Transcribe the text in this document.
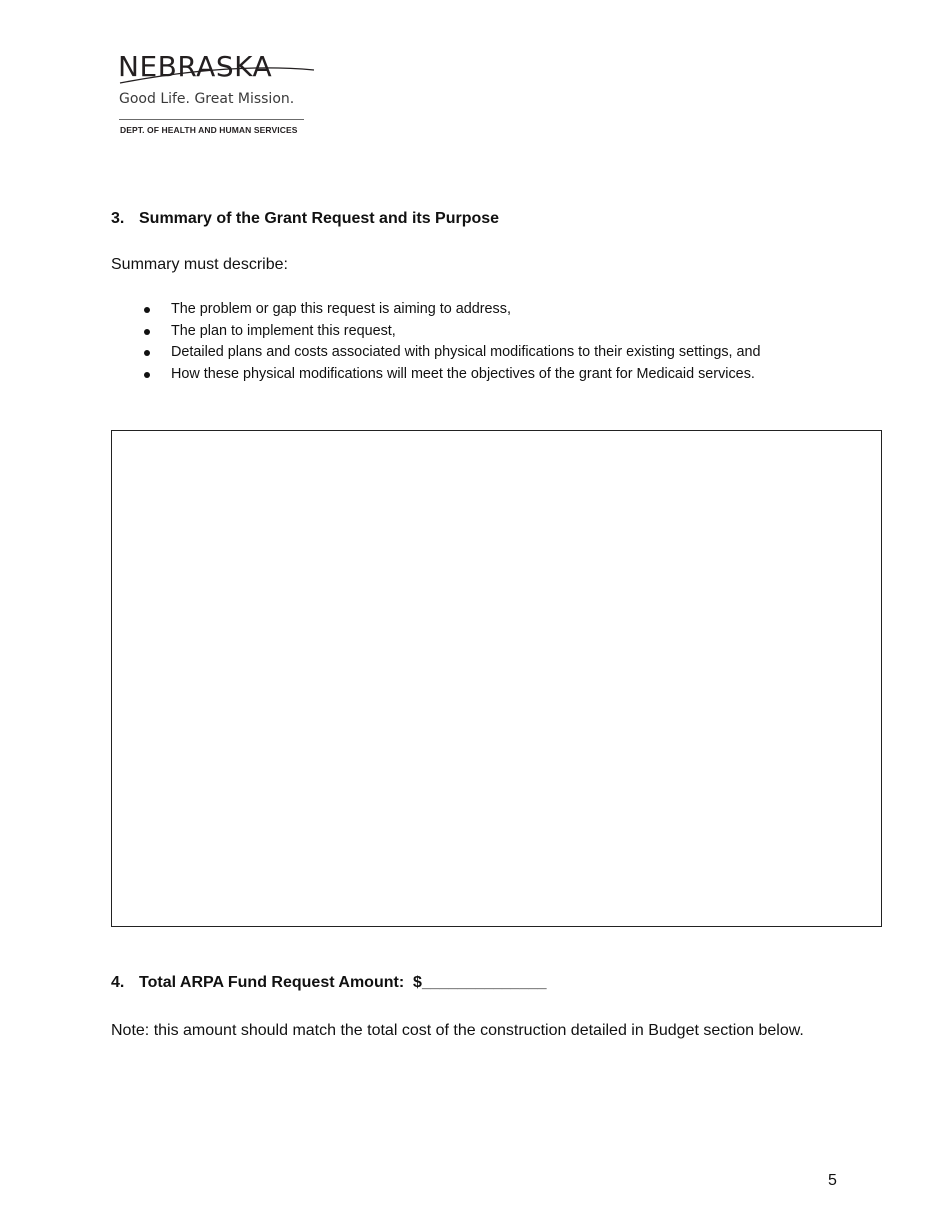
NEBRASKA
Good Life. Great Mission.
DEPT. OF HEALTH AND HUMAN SERVICES
3. Summary of the Grant Request and its Purpose
Summary must describe:
The problem or gap this request is aiming to address,
The plan to implement this request,
Detailed plans and costs associated with physical modifications to their existing settings, and
How these physical modifications will meet the objectives of the grant for Medicaid services.
4. Total ARPA Fund Request Amount: $______________
Note: this amount should match the total cost of the construction detailed in Budget section below.
5
